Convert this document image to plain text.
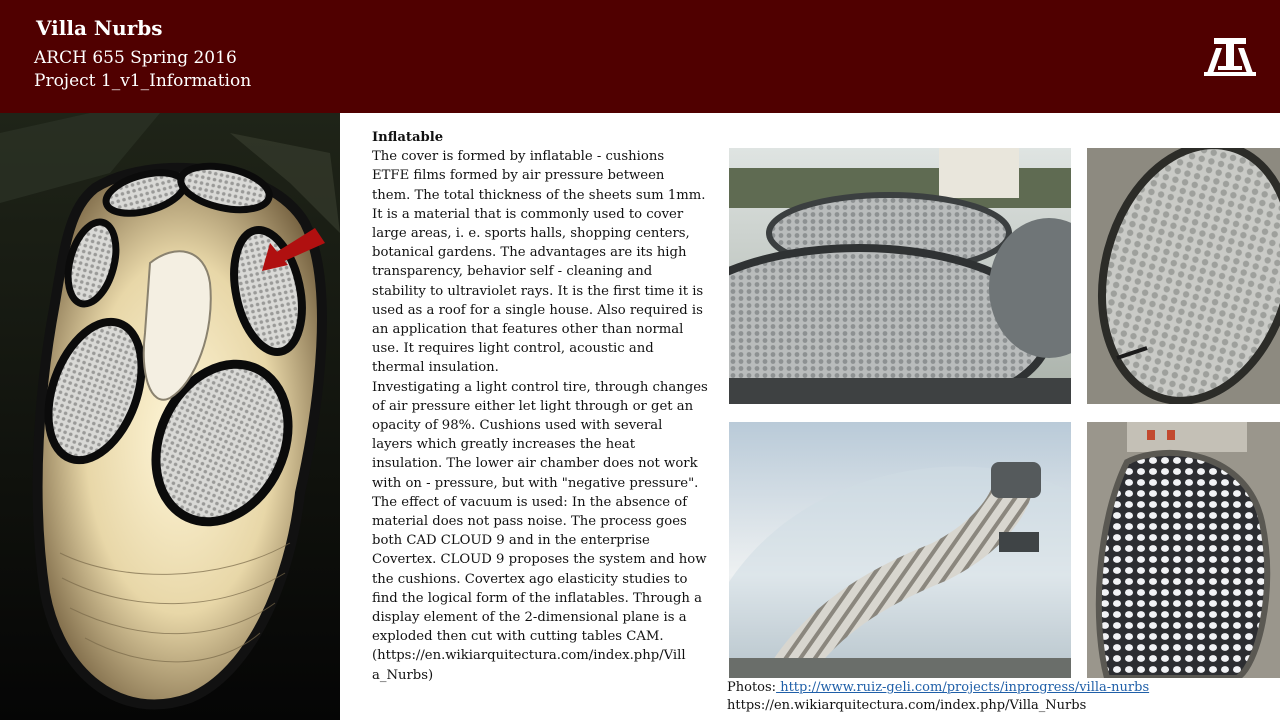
Villa Nurbs
ARCH 655 Spring 2016
Project 1_v1_Information
Inflatable
The cover is formed by inflatable - cushions
ETFE films formed by air pressure between
them. The total thickness of the sheets sum 1mm.
It is a material that is commonly used to cover
large areas, i. e. sports halls, shopping centers,
botanical gardens. The advantages are its high
transparency, behavior self - cleaning and
stability to ultraviolet rays. It is the first time it is
used as a roof for a single house. Also required is
an application that features other than normal
use. It requires light control, acoustic and
thermal insulation.
Investigating a light control tire, through changes
of air pressure either let light through or get an
opacity of 98%. Cushions used with several
layers which greatly increases the heat
insulation. The lower air chamber does not work
with on - pressure, but with "negative pressure".
The effect of vacuum is used: In the absence of
material does not pass noise. The process goes
both CAD CLOUD 9 and in the enterprise
Covertex. CLOUD 9 proposes the system and how
the cushions. Covertex ago elasticity studies to
find the logical form of the inflatables. Through a
display element of the 2-dimensional plane is a
exploded then cut with cutting tables CAM.
(https://en.wikiarquitectura.com/index.php/Vill
a_Nurbs)
Photos: http://www.ruiz-geli.com/projects/inprogress/villa-nurbs
https://en.wikiarquitectura.com/index.php/Villa_Nurbs
